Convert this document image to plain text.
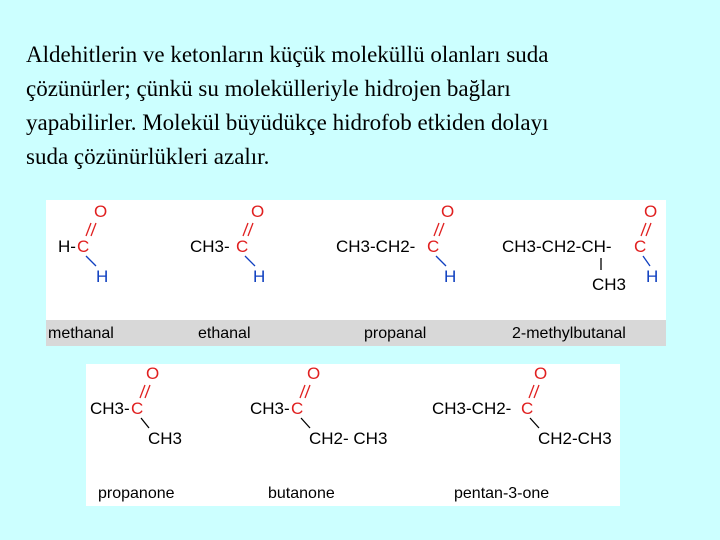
Aldehitlerin ve ketonların küçük moleküllü olanları suda
çözünürler; çünkü su molekülleriyle hidrojen bağları
yapabilirler. Molekül büyüdükçe hidrofob etkiden dolayı
suda çözünürlükleri azalır.
H- C
O
H
methanal
CH3- C
O
H
ethanal
CH3-CH2- C
O
H
propanal
CH3-CH2-CH- C
O
H
CH3
2-methylbutanal
CH3- C
O
CH3
propanone
CH3- C
O
CH2- CH3
butanone
CH3-CH2- C
O
CH2-CH3
pentan-3-one
